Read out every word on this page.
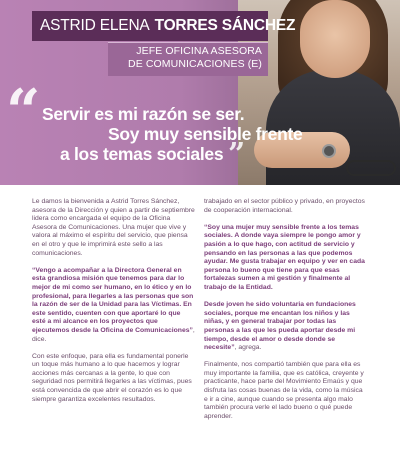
ASTRID ELENA TORRES SÁNCHEZ
JEFE OFICINA ASESORA
DE COMUNICACIONES (E)
“ Servir es mi razón se ser.
Soy muy sensible frente
a los temas sociales ”

Le damos la bienvenida a Astrid Torres Sánchez, asesora de la Dirección y quien a partir de septiembre lidera como encargada el equipo de la Oficina Asesora de Comunicaciones. Una mujer que vive y valora al máximo el espíritu del servicio, que piensa en el otro y que le imprimirá este sello a las comunicaciones.

“Vengo a acompañar a la Directora General en esta grandiosa misión que tenemos para dar lo mejor de mi como ser humano, en lo ético y en lo profesional, para llegarles a las personas que son la razón de ser de la Unidad para las Víctimas. En este sentido, cuenten con que aportaré lo que esté a mi alcance en los proyectos que ejecutemos desde la Oficina de Comunicaciones”, dice.

Con este enfoque, para ella es fundamental ponerle un toque más humano a lo que hacemos y lograr acciones más cercanas a la gente, lo que con seguridad nos permitirá llegarles a las víctimas, pues está convencida de que abrir el corazón es lo que siempre garantiza excelentes resultados.

trabajado en el sector público y privado, en proyectos de cooperación internacional.

“Soy una mujer muy sensible frente a los temas sociales. A donde vaya siempre le pongo amor y pasión a lo que hago, con actitud de servicio y pensando en las personas a las que podemos ayudar. Me gusta trabajar en equipo y ver en cada persona lo bueno que tiene para que esas fortalezas sumen a mi gestión y finalmente al trabajo de la Entidad.

Desde joven he sido voluntaria en fundaciones sociales, porque me encantan los niños y las niñas, y en general trabajar por todas las personas a las que les pueda aportar desde mi tiempo, desde el amor o desde donde se necesite”, agrega.

Finalmente, nos compartió también que para ella es muy importante la familia, que es católica, creyente y practicante, hace parte del Movimiento Emaús y que disfruta las cosas buenas de la vida, como la música e ir a cine, aunque cuando se presenta algo malo también procura verle el lado bueno o qué puede aprender.
